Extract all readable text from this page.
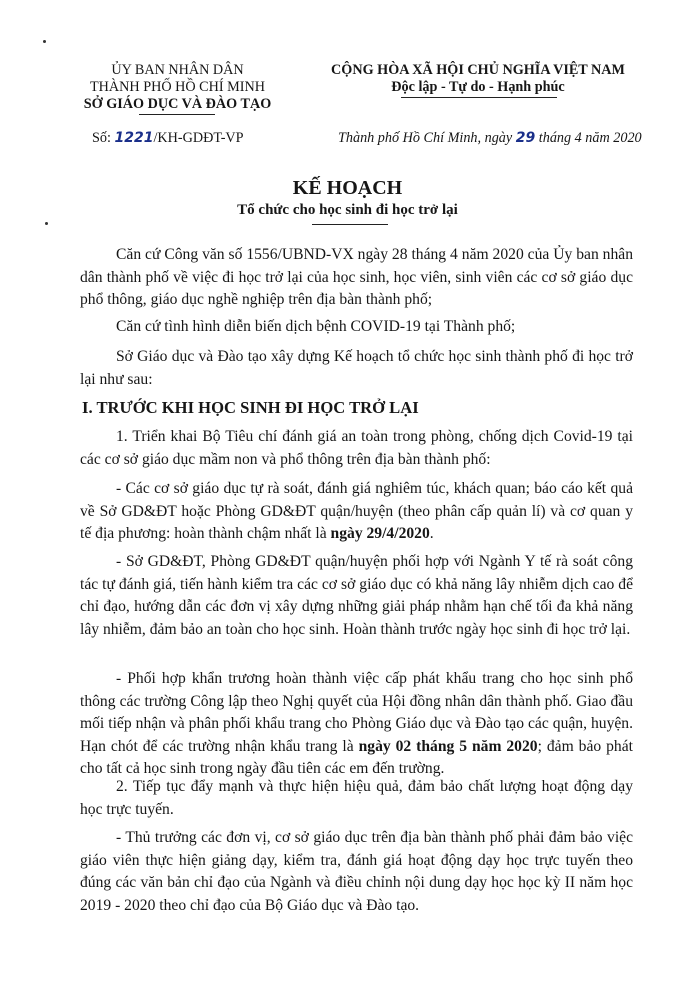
ỦY BAN NHÂN DÂN
THÀNH PHỐ HỒ CHÍ MINH
SỞ GIÁO DỤC VÀ ĐÀO TẠO
CỘNG HÒA XÃ HỘI CHỦ NGHĨA VIỆT NAM
Độc lập - Tự do - Hạnh phúc
Số: 1221/KH-GDĐT-VP	Thành phố Hồ Chí Minh, ngày 29 tháng 4 năm 2020
KẾ HOẠCH
Tổ chức cho học sinh đi học trở lại

Căn cứ Công văn số 1556/UBND-VX ngày 28 tháng 4 năm 2020 của Ủy ban nhân dân thành phố về việc đi học trở lại của học sinh, học viên, sinh viên các cơ sở giáo dục phổ thông, giáo dục nghề nghiệp trên địa bàn thành phố;

Căn cứ tình hình diễn biến dịch bệnh COVID-19 tại Thành phố;

Sở Giáo dục và Đào tạo xây dựng Kế hoạch tổ chức học sinh thành phố đi học trở lại như sau:

I. TRƯỚC KHI HỌC SINH ĐI HỌC TRỞ LẠI

1. Triển khai Bộ Tiêu chí đánh giá an toàn trong phòng, chống dịch Covid-19 tại các cơ sở giáo dục mầm non và phổ thông trên địa bàn thành phố:

- Các cơ sở giáo dục tự rà soát, đánh giá nghiêm túc, khách quan; báo cáo kết quả về Sở GD&ĐT hoặc Phòng GD&ĐT quận/huyện (theo phân cấp quản lí) và cơ quan y tế địa phương: hoàn thành chậm nhất là ngày 29/4/2020.

- Sở GD&ĐT, Phòng GD&ĐT quận/huyện phối hợp với Ngành Y tế rà soát công tác tự đánh giá, tiến hành kiểm tra các cơ sở giáo dục có khả năng lây nhiễm dịch cao để chỉ đạo, hướng dẫn các đơn vị xây dựng những giải pháp nhằm hạn chế tối đa khả năng lây nhiễm, đảm bảo an toàn cho học sinh. Hoàn thành trước ngày học sinh đi học trở lại.

- Phối hợp khẩn trương hoàn thành việc cấp phát khẩu trang cho học sinh phổ thông các trường Công lập theo Nghị quyết của Hội đồng nhân dân thành phố. Giao đầu mối tiếp nhận và phân phối khẩu trang cho Phòng Giáo dục và Đào tạo các quận, huyện. Hạn chót để các trường nhận khẩu trang là ngày 02 tháng 5 năm 2020; đảm bảo phát cho tất cả học sinh trong ngày đầu tiên các em đến trường.

2. Tiếp tục đẩy mạnh và thực hiện hiệu quả, đảm bảo chất lượng hoạt động dạy học trực tuyến.

- Thủ trưởng các đơn vị, cơ sở giáo dục trên địa bàn thành phố phải đảm bảo việc giáo viên thực hiện giảng dạy, kiểm tra, đánh giá hoạt động dạy học trực tuyến theo đúng các văn bản chỉ đạo của Ngành và điều chỉnh nội dung dạy học học kỳ II năm học 2019 - 2020 theo chỉ đạo của Bộ Giáo dục và Đào tạo.
